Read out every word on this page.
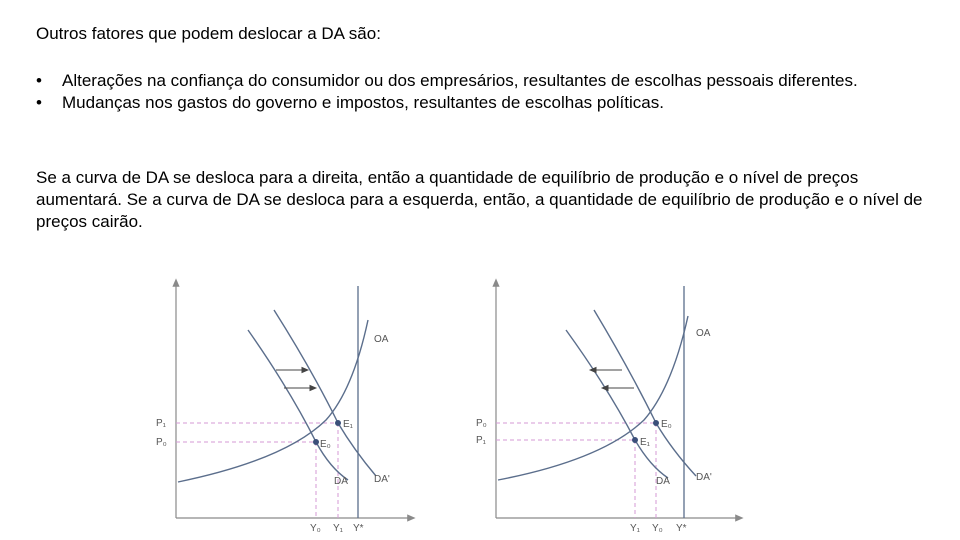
Outros fatores que podem deslocar a DA são:
• Alterações na confiança do consumidor ou dos empresários, resultantes de escolhas pessoais diferentes.
• Mudanças nos gastos do governo e impostos, resultantes de escolhas políticas.
Se a curva de DA se desloca para a direita, então a quantidade de equilíbrio de produção e o nível de preços aumentará. Se a curva de DA se desloca para a esquerda, então, a quantidade de equilíbrio de produção e o nível de preços cairão.
OA
DA	DA'
E₁
E₀
P₁
P₀
Y₀ Y₁ Y*
OA
DA	DA'
E₀
E₁
P₀
P₁
Y₁ Y₀ Y*
